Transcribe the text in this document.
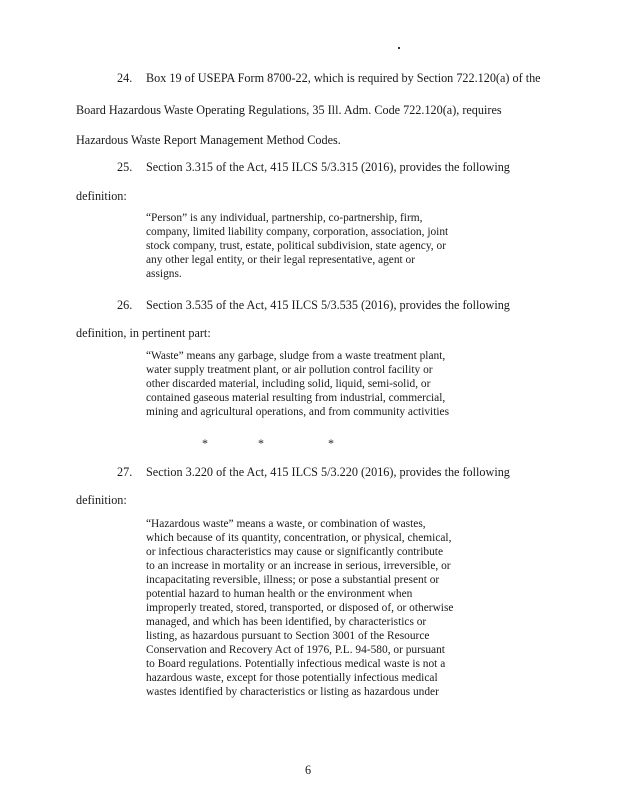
24. Box 19 of USEPA Form 8700-22, which is required by Section 722.120(a) of the
Board Hazardous Waste Operating Regulations, 35 Ill. Adm. Code 722.120(a), requires
Hazardous Waste Report Management Method Codes.
25. Section 3.315 of the Act, 415 ILCS 5/3.315 (2016), provides the following
definition:
“Person” is any individual, partnership, co-partnership, firm,
company, limited liability company, corporation, association, joint
stock company, trust, estate, political subdivision, state agency, or
any other legal entity, or their legal representative, agent or
assigns.
26. Section 3.535 of the Act, 415 ILCS 5/3.535 (2016), provides the following
definition, in pertinent part:
“Waste” means any garbage, sludge from a waste treatment plant,
water supply treatment plant, or air pollution control facility or
other discarded material, including solid, liquid, semi-solid, or
contained gaseous material resulting from industrial, commercial,
mining and agricultural operations, and from community activities
*	*	*
27. Section 3.220 of the Act, 415 ILCS 5/3.220 (2016), provides the following
definition:
“Hazardous waste” means a waste, or combination of wastes,
which because of its quantity, concentration, or physical, chemical,
or infectious characteristics may cause or significantly contribute
to an increase in mortality or an increase in serious, irreversible, or
incapacitating reversible, illness; or pose a substantial present or
potential hazard to human health or the environment when
improperly treated, stored, transported, or disposed of, or otherwise
managed, and which has been identified, by characteristics or
listing, as hazardous pursuant to Section 3001 of the Resource
Conservation and Recovery Act of 1976, P.L. 94-580, or pursuant
to Board regulations. Potentially infectious medical waste is not a
hazardous waste, except for those potentially infectious medical
wastes identified by characteristics or listing as hazardous under
6
